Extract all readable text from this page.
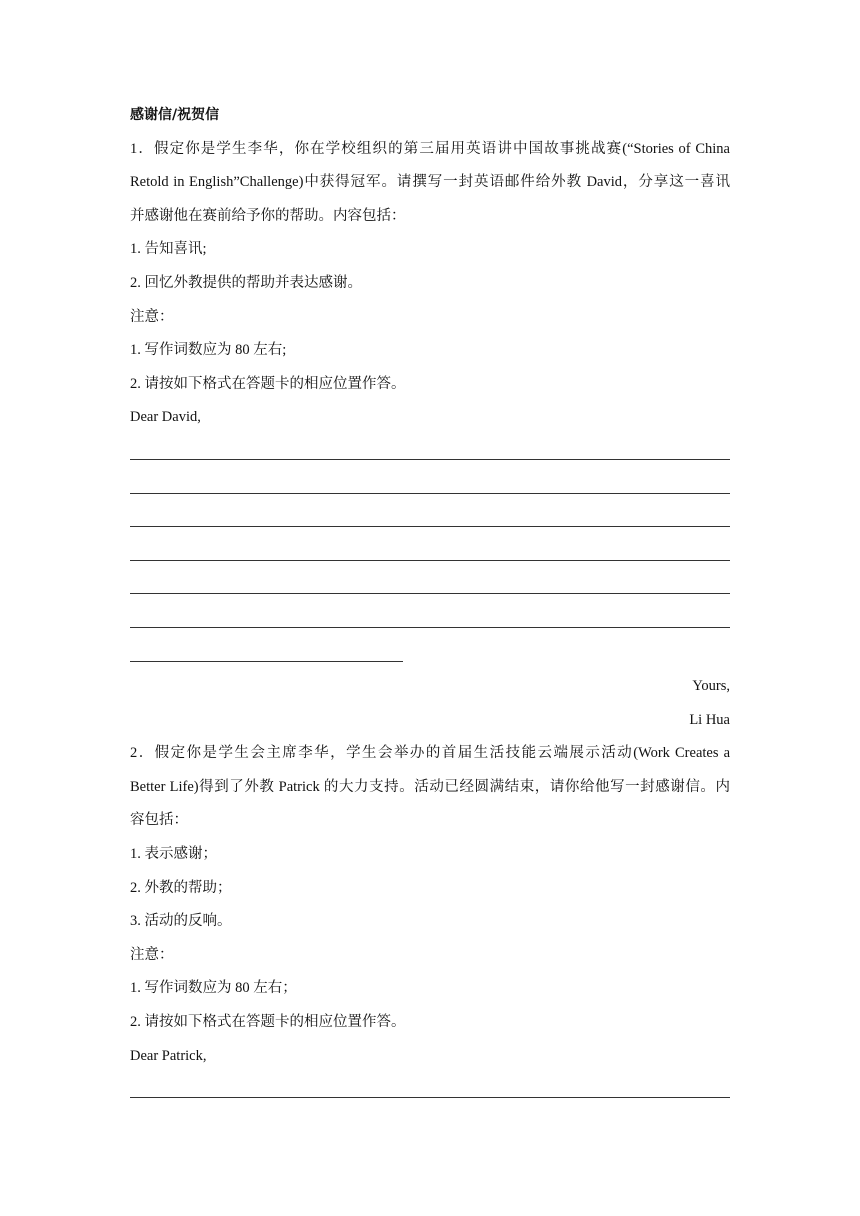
感谢信/祝贺信
1．假定你是学生李华，你在学校组织的第三届用英语讲中国故事挑战赛(“Stories of China
Retold in English”Challenge)中获得冠军。请撰写一封英语邮件给外教 David，分享这一喜讯
并感谢他在赛前给予你的帮助。内容包括：
1. 告知喜讯;
2. 回忆外教提供的帮助并表达感谢。
注意：
1. 写作词数应为 80 左右;
2. 请按如下格式在答题卡的相应位置作答。
Dear David,
Yours,
Li Hua
2．假定你是学生会主席李华，学生会举办的首届生活技能云端展示活动(Work Creates a
Better Life)得到了外教 Patrick 的大力支持。活动已经圆满结束，请你给他写一封感谢信。内
容包括：
1. 表示感谢；
2. 外教的帮助；
3. 活动的反响。
注意：
1. 写作词数应为 80 左右；
2. 请按如下格式在答题卡的相应位置作答。
Dear Patrick,
